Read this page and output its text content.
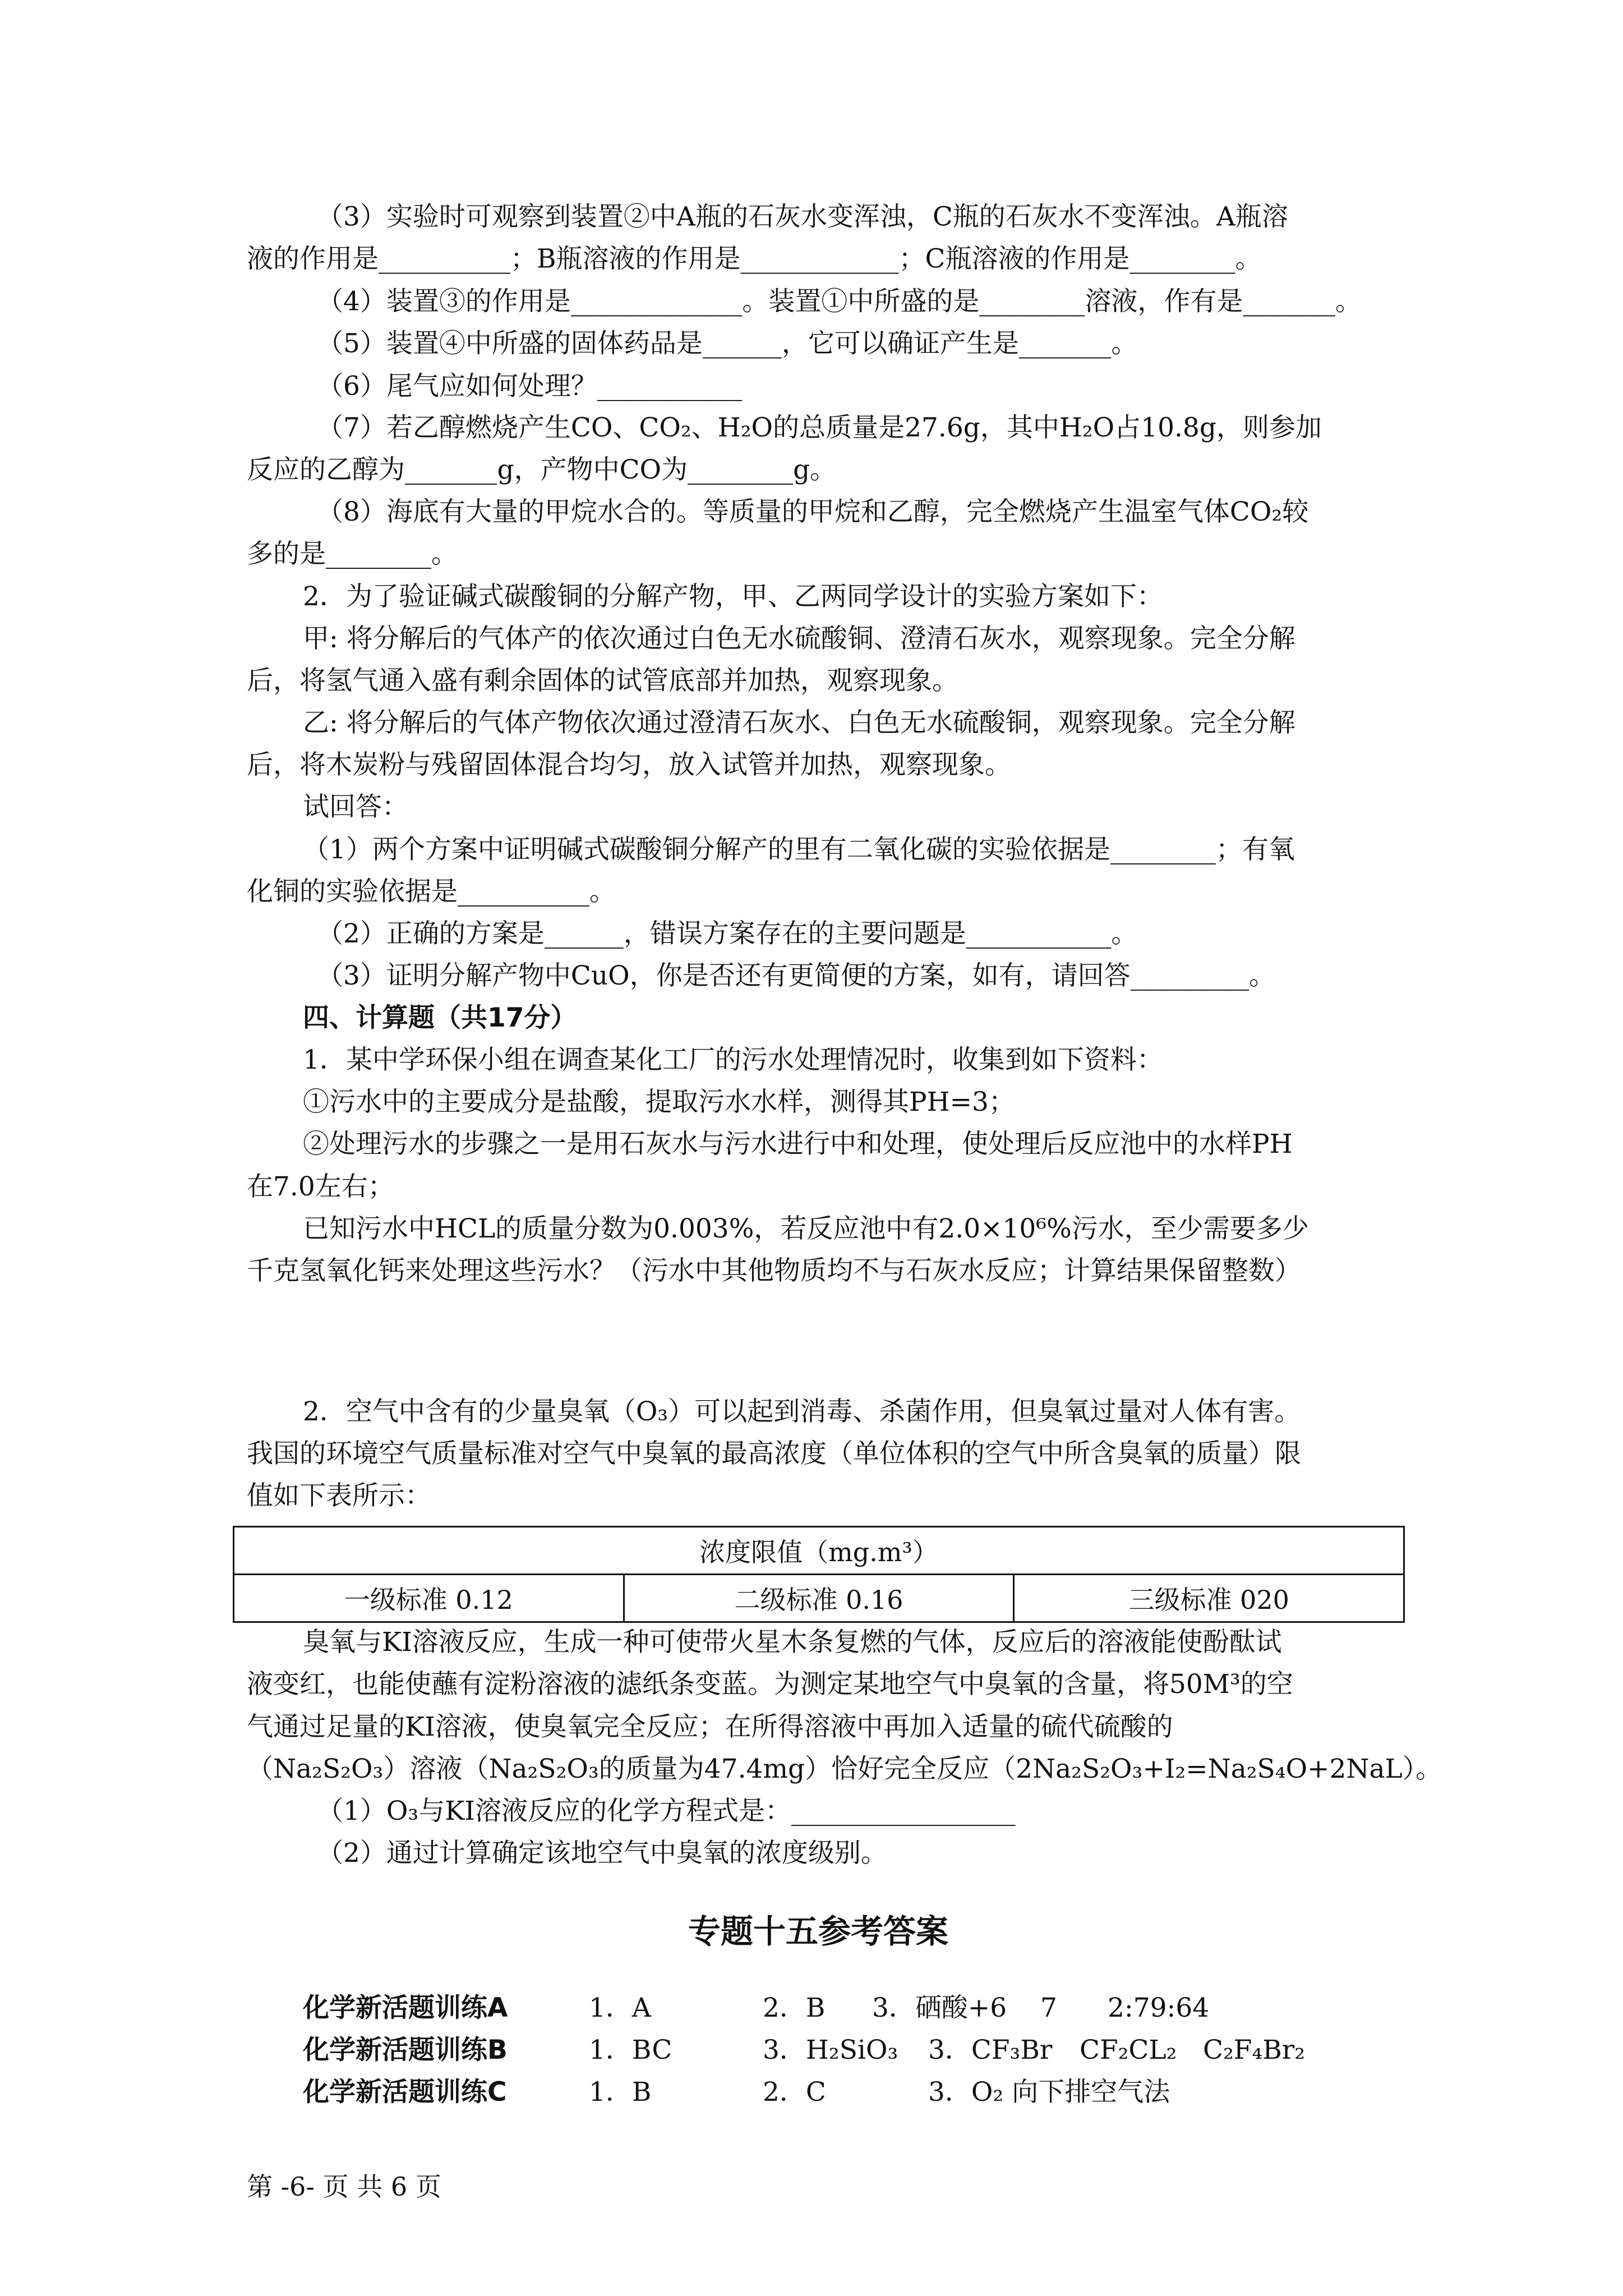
（3）实验时可观察到装置②中A瓶的石灰水变浑浊，C瓶的石灰水不变浑浊。A瓶溶
液的作用是__________；B瓶溶液的作用是____________；C瓶溶液的作用是________。
（4）装置③的作用是_____________。装置①中所盛的是________溶液，作有是_______。
（5）装置④中所盛的固体药品是______，它可以确证产生是_______。
（6）尾气应如何处理？___________
（7）若乙醇燃烧产生CO、CO₂、H₂O的总质量是27.6g，其中H₂O占10.8g，则参加
反应的乙醇为_______g，产物中CO为________g。
（8）海底有大量的甲烷水合的。等质量的甲烷和乙醇，完全燃烧产生温室气体CO₂较
多的是________。
2．为了验证碱式碳酸铜的分解产物，甲、乙两同学设计的实验方案如下：
甲: 将分解后的气体产的依次通过白色无水硫酸铜、澄清石灰水，观察现象。完全分解
后，将氢气通入盛有剩余固体的试管底部并加热，观察现象。
乙: 将分解后的气体产物依次通过澄清石灰水、白色无水硫酸铜，观察现象。完全分解
后，将木炭粉与残留固体混合均匀，放入试管并加热，观察现象。
试回答：
（1）两个方案中证明碱式碳酸铜分解产的里有二氧化碳的实验依据是________；有氧
化铜的实验依据是__________。
（2）正确的方案是______，错误方案存在的主要问题是___________。
（3）证明分解产物中CuO，你是否还有更简便的方案，如有，请回答_________。
四、计算题（共17分）
1．某中学环保小组在调查某化工厂的污水处理情况时，收集到如下资料：
①污水中的主要成分是盐酸，提取污水水样，测得其PH=3；
②处理污水的步骤之一是用石灰水与污水进行中和处理，使处理后反应池中的水样PH
在7.0左右；
已知污水中HCL的质量分数为0.003%，若反应池中有2.0×10⁶%污水，至少需要多少
千克氢氧化钙来处理这些污水？（污水中其他物质均不与石灰水反应；计算结果保留整数）
2．空气中含有的少量臭氧（O₃）可以起到消毒、杀菌作用，但臭氧过量对人体有害。
我国的环境空气质量标准对空气中臭氧的最高浓度（单位体积的空气中所含臭氧的质量）限
值如下表所示：
浓度限值（mg.m³）
一级标准 0.12	二级标准 0.16	三级标准 020
臭氧与KI溶液反应，生成一种可使带火星木条复燃的气体，反应后的溶液能使酚酞试
液变红，也能使蘸有淀粉溶液的滤纸条变蓝。为测定某地空气中臭氧的含量，将50M³的空
气通过足量的KI溶液，使臭氧完全反应；在所得溶液中再加入适量的硫代硫酸的
（Na₂S₂O₃）溶液（Na₂S₂O₃的质量为47.4mg）恰好完全反应（2Na₂S₂O₃+I₂=Na₂S₄O+2NaL）。
（1）O₃与KI溶液反应的化学方程式是：_________________
（2）通过计算确定该地空气中臭氧的浓度级别。
专题十五参考答案
化学新活题训练A	1．A	2．B 3．硒酸+6 7 2:79:64
化学新活题训练B	1．BC	3．H₂SiO₃ 3．CF₃Br CF₂CL₂ C₂F₄Br₂
化学新活题训练C	1．B	2．C	3．O₂ 向下排空气法
第 -6- 页 共 6 页
